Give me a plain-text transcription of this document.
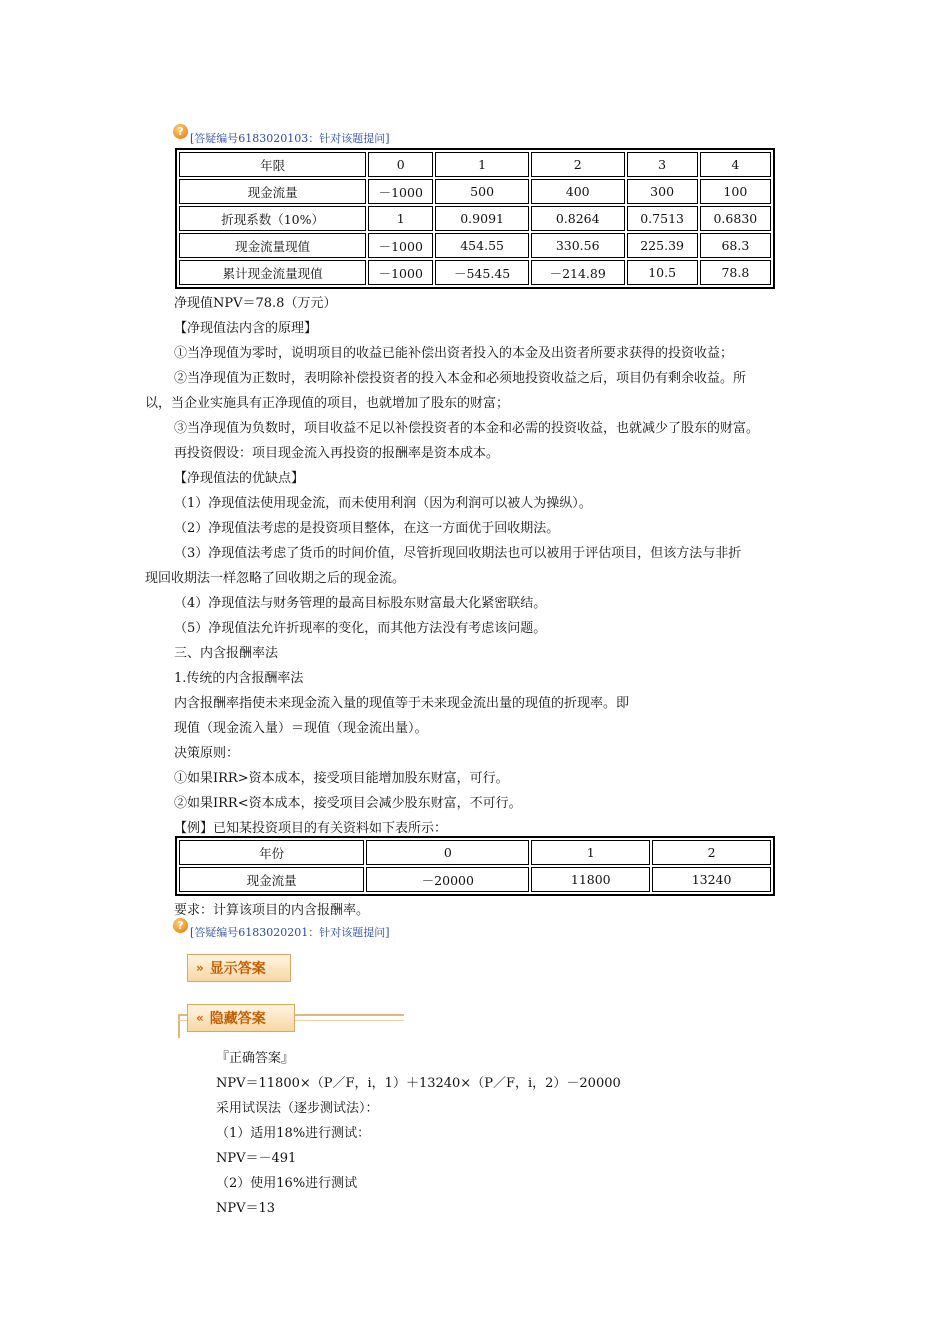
?
[答疑编号6183020103：针对该题提问]
年限	0	1	2	3	4
现金流量	－1000	500	400	300	100
折现系数（10%）	1	0.9091	0.8264	0.7513	0.6830
现金流量现值	－1000	454.55	330.56	225.39	68.3
累计现金流量现值	－1000	－545.45	－214.89	10.5	78.8
净现值NPV＝78.8（万元）
【净现值法内含的原理】
①当净现值为零时，说明项目的收益已能补偿出资者投入的本金及出资者所要求获得的投资收益；
②当净现值为正数时，表明除补偿投资者的投入本金和必须地投资收益之后，项目仍有剩余收益。所
以，当企业实施具有正净现值的项目，也就增加了股东的财富；
③当净现值为负数时，项目收益不足以补偿投资者的本金和必需的投资收益，也就减少了股东的财富。
再投资假设：项目现金流入再投资的报酬率是资本成本。
【净现值法的优缺点】
（1）净现值法使用现金流，而未使用利润（因为利润可以被人为操纵）。
（2）净现值法考虑的是投资项目整体，在这一方面优于回收期法。
（3）净现值法考虑了货币的时间价值，尽管折现回收期法也可以被用于评估项目，但该方法与非折
现回收期法一样忽略了回收期之后的现金流。
（4）净现值法与财务管理的最高目标股东财富最大化紧密联结。
（5）净现值法允许折现率的变化，而其他方法没有考虑该问题。
三、内含报酬率法
1.传统的内含报酬率法
内含报酬率指使未来现金流入量的现值等于未来现金流出量的现值的折现率。即
现值（现金流入量）＝现值（现金流出量）。
决策原则：
①如果IRR>资本成本，接受项目能增加股东财富，可行。
②如果IRR<资本成本，接受项目会减少股东财富，不可行。
【例】已知某投资项目的有关资料如下表所示：
年份	0	1	2
现金流量	－20000	11800	13240
要求：计算该项目的内含报酬率。
?
[答疑编号6183020201：针对该题提问]
» 显示答案
« 隐藏答案
『正确答案』
NPV＝11800×（P／F，i，1）＋13240×（P／F，i，2）－20000
采用试误法（逐步测试法）：
（1）适用18%进行测试：
NPV＝－491
（2）使用16%进行测试
NPV＝13
